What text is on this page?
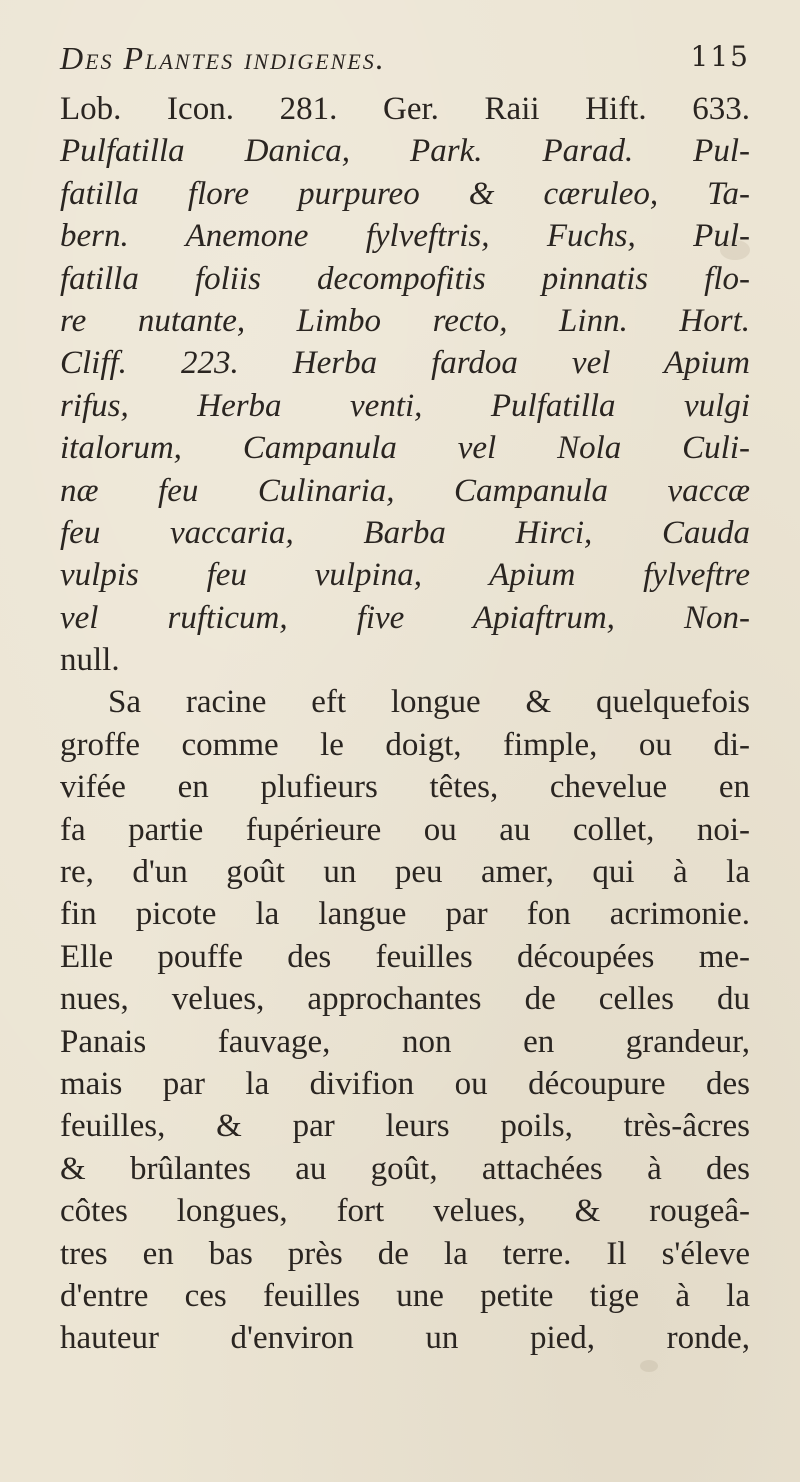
Des Plantes indigenes.	115
Lob. Icon. 281. Ger. Raii Hift. 633.
Pulfatilla Danica, Park. Parad. Pul-
fatilla flore purpureo & cæruleo, Ta-
bern. Anemone fylveftris, Fuchs, Pul-
fatilla foliis decompofitis pinnatis flo-
re nutante, Limbo recto, Linn. Hort.
Cliff. 223. Herba fardoa vel Apium
rifus, Herba venti, Pulfatilla vulgi
italorum, Campanula vel Nola Culi-
næ feu Culinaria, Campanula vaccæ
feu vaccaria, Barba Hirci, Cauda
vulpis feu vulpina, Apium fylveftre
vel rufticum, five Apiaftrum, Non-
null.
Sa racine eft longue & quelquefois
groffe comme le doigt, fimple, ou di-
vifée en plufieurs têtes, chevelue en
fa partie fupérieure ou au collet, noi-
re, d'un goût un peu amer, qui à la
fin picote la langue par fon acrimonie.
Elle pouffe des feuilles découpées me-
nues, velues, approchantes de celles du
Panais fauvage, non en grandeur,
mais par la divifion ou découpure des
feuilles, & par leurs poils, très-âcres
& brûlantes au goût, attachées à des
côtes longues, fort velues, & rougeâ-
tres en bas près de la terre. Il s'éleve
d'entre ces feuilles une petite tige à la
hauteur d'environ un pied, ronde,
